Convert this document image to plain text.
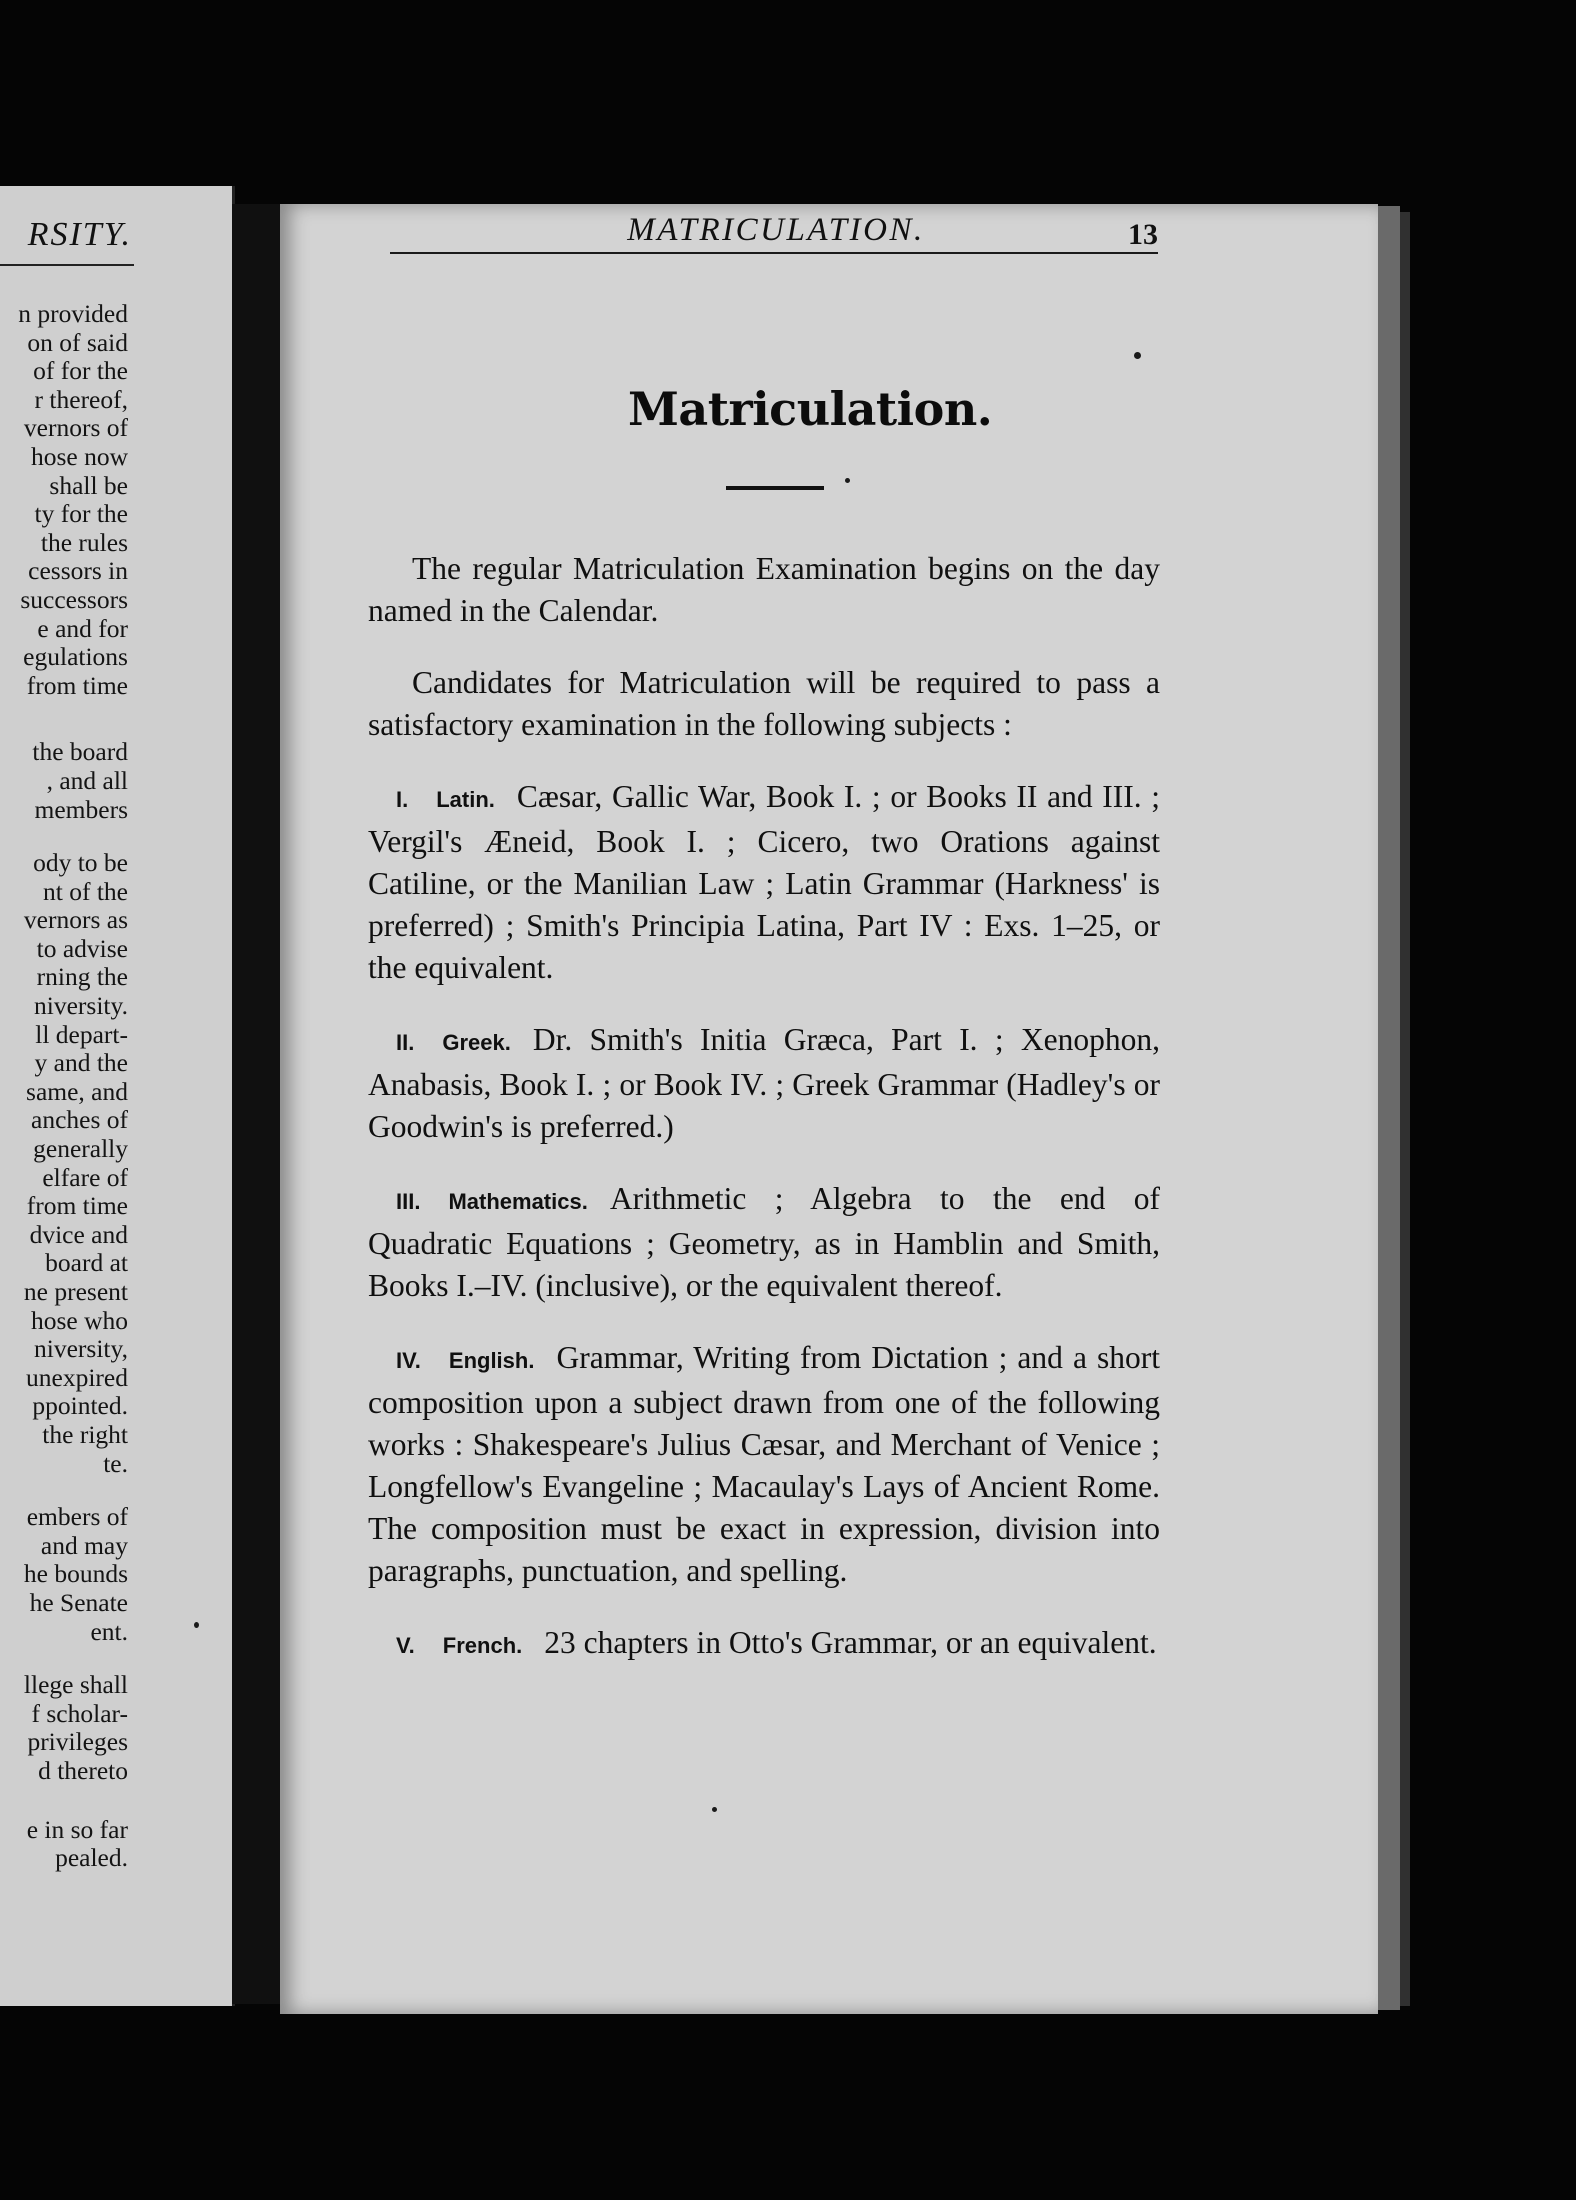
RSITY.
n provided
on of said
of for the
r thereof,
vernors of
hose now
shall be
ty for the
the rules
cessors in
successors
e and for
egulations
from time
the board
, and all
members
ody to be
nt of the
vernors as
to advise
rning the
niversity.
ll depart-
y and the
same, and
anches of
generally
elfare of
from time
dvice and
board at
ne present
hose who
niversity,
unexpired
ppointed.
the right
te.
embers of
and may
he bounds
he Senate
ent.
llege shall
f scholar-
privileges
d thereto
e in so far
pealed.
MATRICULATION.	13
Matriculation.

The regular Matriculation Examination begins on the day named in the Calendar.

Candidates for Matriculation will be required to pass a satisfactory examination in the following subjects :

I. Latin. Cæsar, Gallic War, Book I. ; or Books II and III. ; Vergil's Æneid, Book I. ; Cicero, two Orations against Catiline, or the Manilian Law ; Latin Grammar (Harkness' is preferred) ; Smith's Principia Latina, Part IV : Exs. 1–25, or the equivalent.

II. Greek. Dr. Smith's Initia Græca, Part I. ; Xenophon, Anabasis, Book I. ; or Book IV. ; Greek Grammar (Hadley's or Goodwin's is preferred.)

III. Mathematics. Arithmetic ; Algebra to the end of Quadratic Equations ; Geometry, as in Hamblin and Smith, Books I.–IV. (inclusive), or the equivalent thereof.

IV. English. Grammar, Writing from Dictation ; and a short composition upon a subject drawn from one of the following works : Shakespeare's Julius Cæsar, and Merchant of Venice ; Longfellow's Evangeline ; Macaulay's Lays of Ancient Rome. The composition must be exact in expression, division into paragraphs, punctuation, and spelling.

V. French. 23 chapters in Otto's Grammar, or an equivalent.
